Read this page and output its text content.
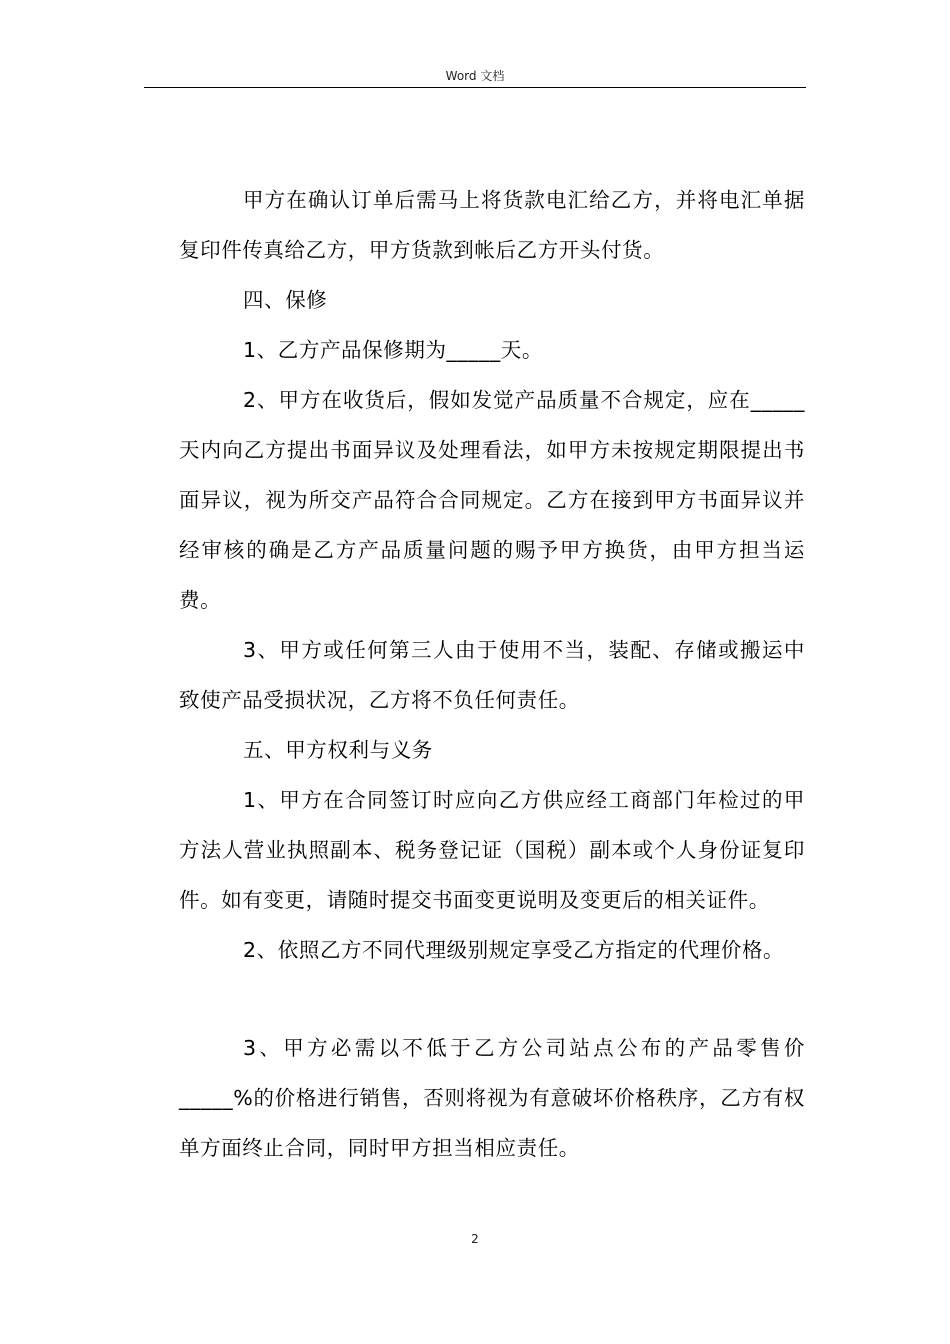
Word 文档

甲方在确认订单后需马上将货款电汇给乙方，并将电汇单据复印件传真给乙方，甲方货款到帐后乙方开头付货。

四、保修

1、乙方产品保修期为_____天。

2、甲方在收货后，假如发觉产品质量不合规定，应在_____天内向乙方提出书面异议及处理看法，如甲方未按规定期限提出书面异议，视为所交产品符合合同规定。乙方在接到甲方书面异议并经审核的确是乙方产品质量问题的赐予甲方换货，由甲方担当运费。

3、甲方或任何第三人由于使用不当，装配、存储或搬运中致使产品受损状况，乙方将不负任何责任。

五、甲方权利与义务

1、甲方在合同签订时应向乙方供应经工商部门年检过的甲方法人营业执照副本、税务登记证（国税）副本或个人身份证复印件。如有变更，请随时提交书面变更说明及变更后的相关证件。

2、依照乙方不同代理级别规定享受乙方指定的代理价格。

3、甲方必需以不低于乙方公司站点公布的产品零售价_____%的价格进行销售，否则将视为有意破坏价格秩序，乙方有权单方面终止合同，同时甲方担当相应责任。

2
